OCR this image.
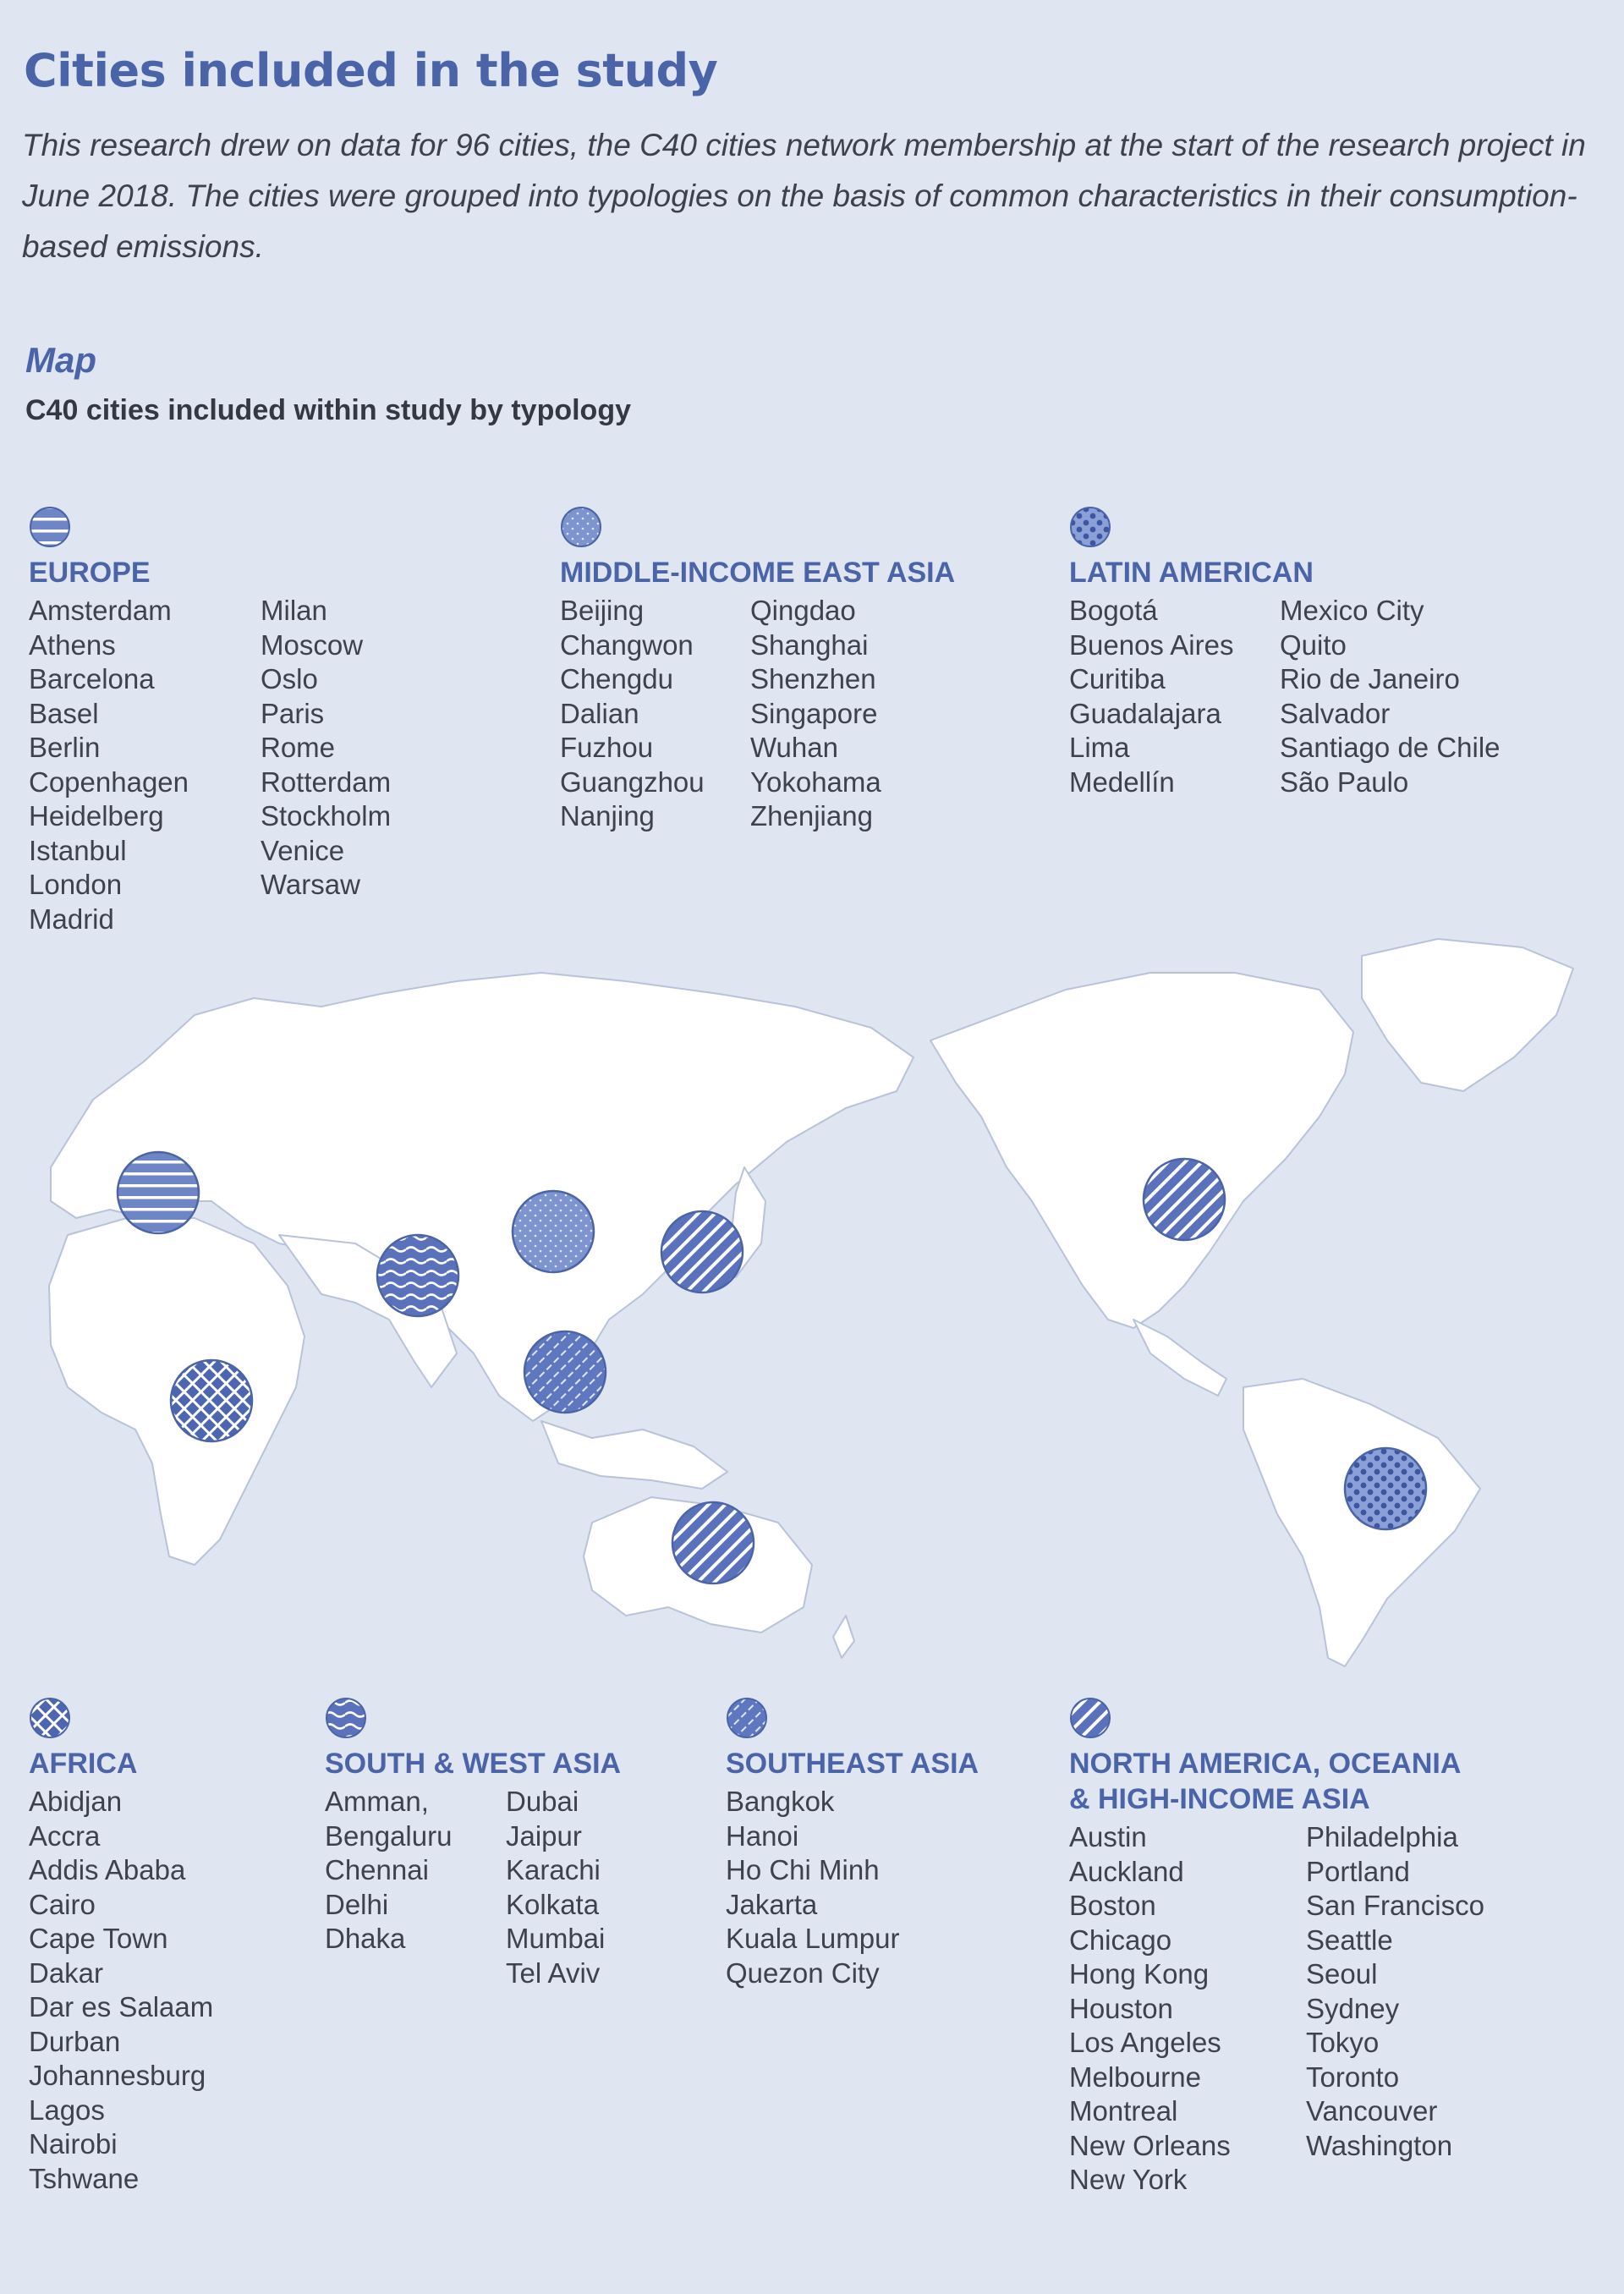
Cities included in the study

This research drew on data for 96 cities, the C40 cities network membership at the start of the research project in June 2018. The cities were grouped into typologies on the basis of common characteristics in their consumption-based emissions.

Map
C40 cities included within study by typology
EUROPE
Amsterdam
Athens
Barcelona
Basel
Berlin
Copenhagen
Heidelberg
Istanbul
London
Madrid
Milan
Moscow
Oslo
Paris
Rome
Rotterdam
Stockholm
Venice
Warsaw
MIDDLE-INCOME EAST ASIA
Beijing
Changwon
Chengdu
Dalian
Fuzhou
Guangzhou
Nanjing
Qingdao
Shanghai
Shenzhen
Singapore
Wuhan
Yokohama
Zhenjiang
LATIN AMERICAN
Bogotá
Buenos Aires
Curitiba
Guadalajara
Lima
Medellín
Mexico City
Quito
Rio de Janeiro
Salvador
Santiago de Chile
São Paulo
AFRICA
Abidjan
Accra
Addis Ababa
Cairo
Cape Town
Dakar
Dar es Salaam
Durban
Johannesburg
Lagos
Nairobi
Tshwane
SOUTH & WEST ASIA
Amman,
Bengaluru
Chennai
Delhi
Dhaka
Dubai
Jaipur
Karachi
Kolkata
Mumbai
Tel Aviv
SOUTHEAST ASIA
Bangkok
Hanoi
Ho Chi Minh
Jakarta
Kuala Lumpur
Quezon City
NORTH AMERICA, OCEANIA
& HIGH-INCOME ASIA
Austin
Auckland
Boston
Chicago
Hong Kong
Houston
Los Angeles
Melbourne
Montreal
New Orleans
New York
Philadelphia
Portland
San Francisco
Seattle
Seoul
Sydney
Tokyo
Toronto
Vancouver
Washington
